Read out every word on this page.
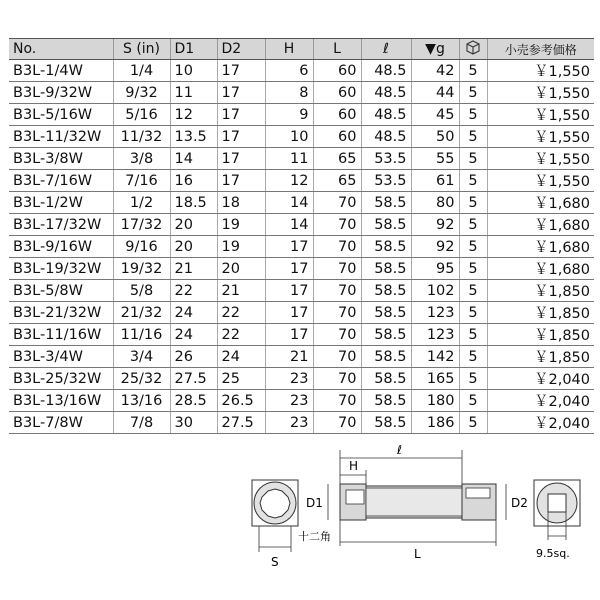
No.	S (in)	D1	D2	H	L	ℓ	▼g		小売参考価格
B3L-1/4W	1/4	10	17	6	60	48.5	42	5	￥1,550
B3L-9/32W	9/32	11	17	8	60	48.5	44	5	￥1,550
B3L-5/16W	5/16	12	17	9	60	48.5	45	5	￥1,550
B3L-11/32W	11/32	13.5	17	10	60	48.5	50	5	￥1,550
B3L-3/8W	3/8	14	17	11	65	53.5	55	5	￥1,550
B3L-7/16W	7/16	16	17	12	65	53.5	61	5	￥1,550
B3L-1/2W	1/2	18.5	18	14	70	58.5	80	5	￥1,680
B3L-17/32W	17/32	20	19	14	70	58.5	92	5	￥1,680
B3L-9/16W	9/16	20	19	17	70	58.5	92	5	￥1,680
B3L-19/32W	19/32	21	20	17	70	58.5	95	5	￥1,680
B3L-5/8W	5/8	22	21	17	70	58.5	102	5	￥1,850
B3L-21/32W	21/32	24	22	17	70	58.5	123	5	￥1,850
B3L-11/16W	11/16	24	22	17	70	58.5	123	5	￥1,850
B3L-3/4W	3/4	26	24	21	70	58.5	142	5	￥1,850
B3L-25/32W	25/32	27.5	25	23	70	58.5	165	5	￥2,040
B3L-13/16W	13/16	28.5	26.5	23	70	58.5	180	5	￥2,040
B3L-7/8W	7/8	30	27.5	23	70	58.5	186	5	￥2,040
S
H
ℓ
D1
十二角
L
D2
9.5sq.
